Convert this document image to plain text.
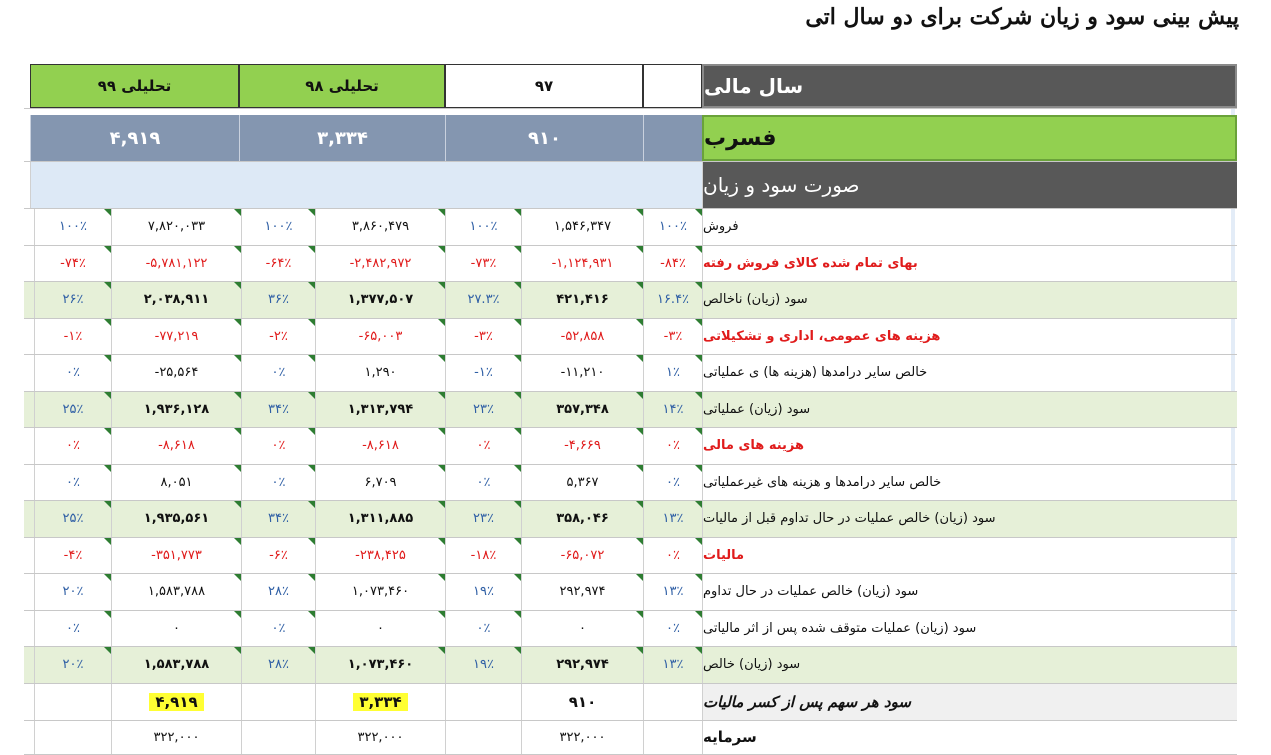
پیش بینی سود و زیان شرکت برای دو سال اتی
سال مالی
۹۷
تحلیلی ۹۸
تحلیلی ۹۹
فسرب
۹۱۰
۳,۳۳۴
۴,۹۱۹
صورت سود و زیان
فروش
۱۰۰٪
۱,۵۴۶,۳۴۷
۱۰۰٪
۳,۸۶۰,۴۷۹
۱۰۰٪
۷,۸۲۰,۰۳۳
۱۰۰٪
بهای تمام شده کالای فروش رفته
-۸۴٪
-۱,۱۲۴,۹۳۱
-۷۳٪
-۲,۴۸۲,۹۷۲
-۶۴٪
-۵,۷۸۱,۱۲۲
-۷۴٪
سود (زیان) ناخالص
۱۶.۴٪
۴۲۱,۴۱۶
۲۷.۳٪
۱,۳۷۷,۵۰۷
۳۶٪
۲,۰۳۸,۹۱۱
۲۶٪
هزینه های عمومی، اداری و تشکیلاتی
-۳٪
-۵۲,۸۵۸
-۳٪
-۶۵,۰۰۳
-۲٪
-۷۷,۲۱۹
-۱٪
خالص سایر درامدها (هزینه ها) ی عملیاتی
۱٪
-۱۱,۲۱۰
-۱٪
۱,۲۹۰
۰٪
-۲۵,۵۶۴
۰٪
سود (زیان) عملیاتی
۱۴٪
۳۵۷,۳۴۸
۲۳٪
۱,۳۱۳,۷۹۴
۳۴٪
۱,۹۳۶,۱۲۸
۲۵٪
هزینه های مالی
۰٪
-۴,۶۶۹
۰٪
-۸,۶۱۸
۰٪
-۸,۶۱۸
۰٪
خالص سایر درامدها و هزینه های غیرعملیاتی
۰٪
۵,۳۶۷
۰٪
۶,۷۰۹
۰٪
۸,۰۵۱
۰٪
سود (زیان) خالص عملیات در حال تداوم قبل از مالیات
۱۳٪
۳۵۸,۰۴۶
۲۳٪
۱,۳۱۱,۸۸۵
۳۴٪
۱,۹۳۵,۵۶۱
۲۵٪
مالیات
۰٪
-۶۵,۰۷۲
-۱۸٪
-۲۳۸,۴۲۵
-۶٪
-۳۵۱,۷۷۳
-۴٪
سود (زیان) خالص عملیات در حال تداوم
۱۳٪
۲۹۲,۹۷۴
۱۹٪
۱,۰۷۳,۴۶۰
۲۸٪
۱,۵۸۳,۷۸۸
۲۰٪
سود (زیان) عملیات متوقف شده پس از اثر مالیاتی
۰٪
۰
۰٪
۰
۰٪
۰
۰٪
سود (زیان) خالص
۱۳٪
۲۹۲,۹۷۴
۱۹٪
۱,۰۷۳,۴۶۰
۲۸٪
۱,۵۸۳,۷۸۸
۲۰٪
سود هر سهم پس از کسر مالیات
۹۱۰
۳,۳۳۴
۴,۹۱۹
سرمایه
۳۲۲,۰۰۰
۳۲۲,۰۰۰
۳۲۲,۰۰۰
